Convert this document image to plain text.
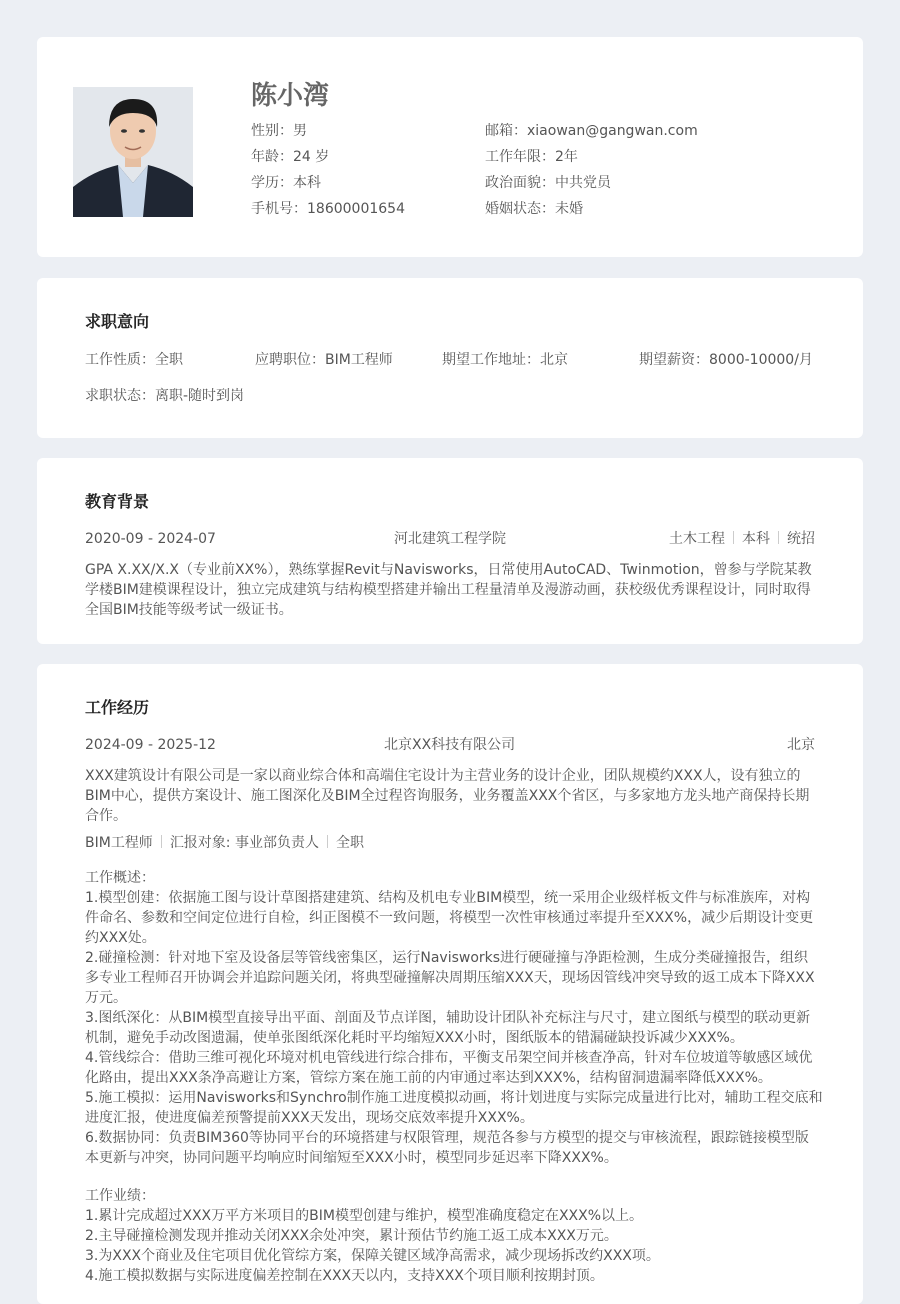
陈小湾
性别：男
年龄：24 岁
学历：本科
手机号：18600001654
邮箱：xiaowan@gangwan.com
工作年限：2年
政治面貌：中共党员
婚姻状态：未婚
求职意向
工作性质：全职	应聘职位：BIM工程师	期望工作地址：北京	期望薪资：8000-10000/月
求职状态：离职-随时到岗
教育背景
2020-09 - 2024-07	河北建筑工程学院	土木工程 本科 统招
GPA X.XX/X.X（专业前XX%），熟练掌握Revit与Navisworks，日常使用AutoCAD、Twinmotion，曾参与学院某教
学楼BIM建模课程设计，独立完成建筑与结构模型搭建并输出工程量清单及漫游动画，获校级优秀课程设计，同时取得
全国BIM技能等级考试一级证书。
工作经历
2024-09 - 2025-12	北京XX科技有限公司	北京
XXX建筑设计有限公司是一家以商业综合体和高端住宅设计为主营业务的设计企业，团队规模约XXX人，设有独立的
BIM中心，提供方案设计、施工图深化及BIM全过程咨询服务，业务覆盖XXX个省区，与多家地方龙头地产商保持长期
合作。
BIM工程师 汇报对象: 事业部负责人 全职
工作概述：
1.模型创建：依据施工图与设计草图搭建建筑、结构及机电专业BIM模型，统一采用企业级样板文件与标准族库，对构
件命名、参数和空间定位进行自检，纠正图模不一致问题，将模型一次性审核通过率提升至XXX%，减少后期设计变更
约XXX处。
2.碰撞检测：针对地下室及设备层等管线密集区，运行Navisworks进行硬碰撞与净距检测，生成分类碰撞报告，组织
多专业工程师召开协调会并追踪问题关闭，将典型碰撞解决周期压缩XXX天，现场因管线冲突导致的返工成本下降XXX
万元。
3.图纸深化：从BIM模型直接导出平面、剖面及节点详图，辅助设计团队补充标注与尺寸，建立图纸与模型的联动更新
机制，避免手动改图遗漏，使单张图纸深化耗时平均缩短XXX小时，图纸版本的错漏碰缺投诉减少XXX%。
4.管线综合：借助三维可视化环境对机电管线进行综合排布，平衡支吊架空间并核查净高，针对车位坡道等敏感区域优
化路由，提出XXX条净高避让方案，管综方案在施工前的内审通过率达到XXX%，结构留洞遗漏率降低XXX%。
5.施工模拟：运用Navisworks和Synchro制作施工进度模拟动画，将计划进度与实际完成量进行比对，辅助工程交底和
进度汇报，使进度偏差预警提前XXX天发出，现场交底效率提升XXX%。
6.数据协同：负责BIM360等协同平台的环境搭建与权限管理，规范各参与方模型的提交与审核流程，跟踪链接模型版
本更新与冲突，协同问题平均响应时间缩短至XXX小时，模型同步延迟率下降XXX%。
工作业绩：
1.累计完成超过XXX万平方米项目的BIM模型创建与维护，模型准确度稳定在XXX%以上。
2.主导碰撞检测发现并推动关闭XXX余处冲突，累计预估节约施工返工成本XXX万元。
3.为XXX个商业及住宅项目优化管综方案，保障关键区域净高需求，减少现场拆改约XXX项。
4.施工模拟数据与实际进度偏差控制在XXX天以内，支持XXX个项目顺利按期封顶。
